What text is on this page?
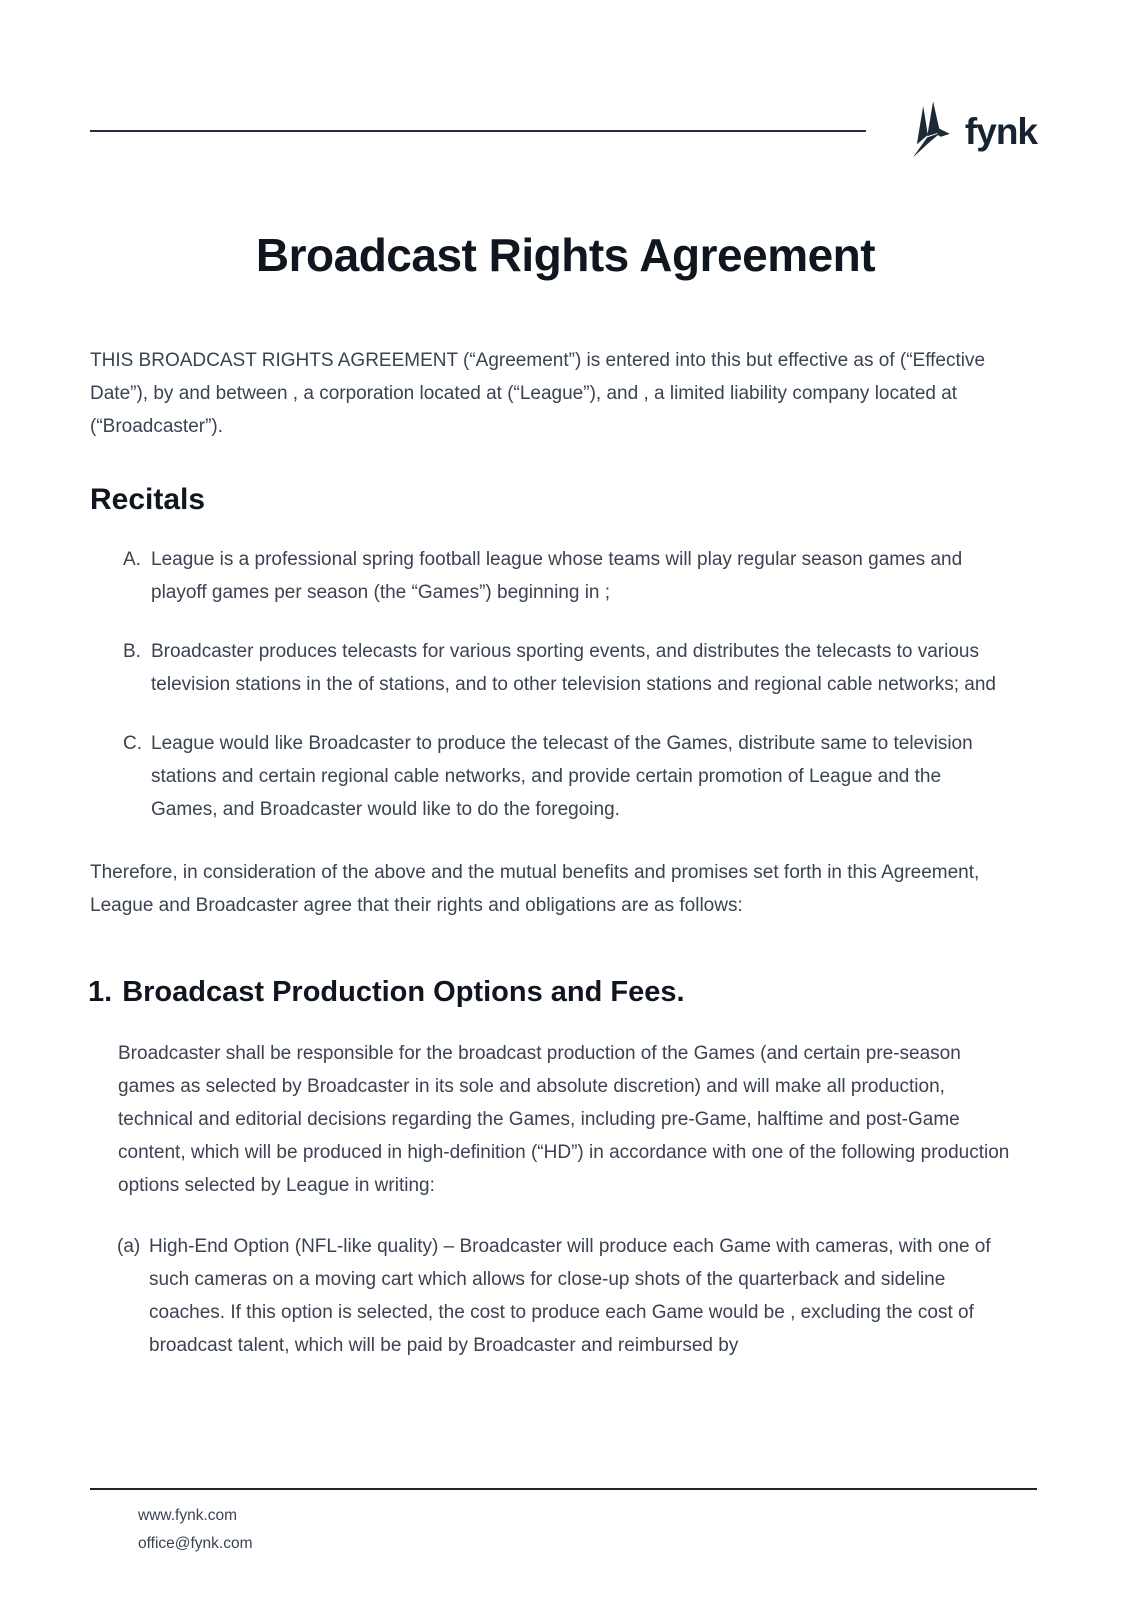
fynk
Broadcast Rights Agreement

THIS BROADCAST RIGHTS AGREEMENT (“Agreement”) is entered into this but effective as of (“Effective Date”), by and between , a corporation located at (“League”), and , a limited liability company located at (“Broadcaster”).

Recitals
A. League is a professional spring football league whose teams will play regular season games and playoff games per season (the “Games”) beginning in ;
B. Broadcaster produces telecasts for various sporting events, and distributes the telecasts to various television stations in the of stations, and to other television stations and regional cable networks; and
C. League would like Broadcaster to produce the telecast of the Games, distribute same to television stations and certain regional cable networks, and provide certain promotion of League and the Games, and Broadcaster would like to do the foregoing.

Therefore, in consideration of the above and the mutual benefits and promises set forth in this Agreement, League and Broadcaster agree that their rights and obligations are as follows:

1. Broadcast Production Options and Fees.

Broadcaster shall be responsible for the broadcast production of the Games (and certain pre-season games as selected by Broadcaster in its sole and absolute discretion) and will make all production, technical and editorial decisions regarding the Games, including pre-Game, halftime and post-Game content, which will be produced in high-definition (“HD”) in accordance with one of the following production options selected by League in writing:

(a) High-End Option (NFL-like quality) – Broadcaster will produce each Game with cameras, with one of such cameras on a moving cart which allows for close-up shots of the quarterback and sideline coaches. If this option is selected, the cost to produce each Game would be , excluding the cost of broadcast talent, which will be paid by Broadcaster and reimbursed by
www.fynk.com
office@fynk.com
